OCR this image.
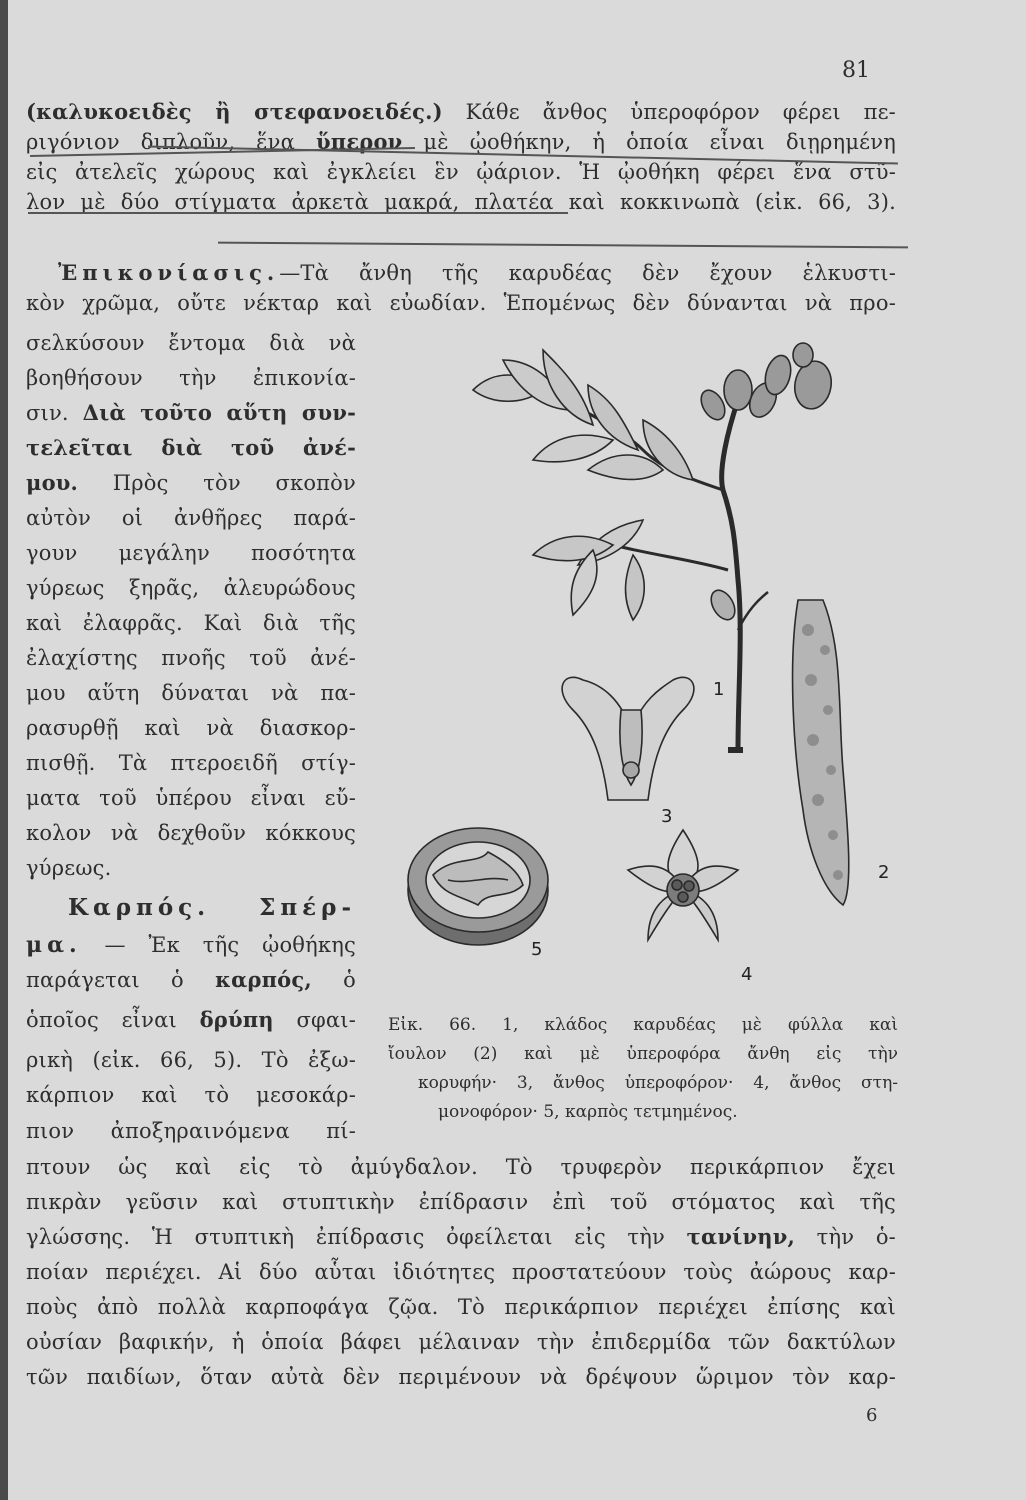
81
(καλυκοειδὲς ἢ στεφανοειδές.) Κάθε ἄνθος ὑπεροφόρον φέρει πε-
ριγόνιον διπλοῦν, ἕνα ὕπερον μὲ ᾠοθήκην, ἡ ὁποία εἶναι διῃρημένη
εἰς ἀτελεῖς χώρους καὶ ἐγκλείει ἓν ᾠάριον. Ἡ ᾠοθήκη φέρει ἕνα στῦ-
λον μὲ δύο στίγματα ἀρκετὰ μακρά, πλατέα καὶ κοκκινωπὰ (εἰκ. 66, 3).
Ἐπικονίασις.—Τὰ ἄνθη τῆς καρυδέας δὲν ἔχουν ἑλκυστι-
κὸν χρῶμα, οὔτε νέκταρ καὶ εὐωδίαν. Ἑπομένως δὲν δύνανται νὰ προ-
σελκύσουν ἔντομα διὰ νὰ
βοηθήσουν τὴν ἐπικονία-
σιν. Διὰ τοῦτο αὕτη συν-
τελεῖται διὰ τοῦ ἀνέ-
μου. Πρὸς τὸν σκοπὸν
αὐτὸν οἱ ἀνθῆρες παρά-
γουν μεγάλην ποσότητα
γύρεως ξηρᾶς, ἀλευρώδους
καὶ ἐλαφρᾶς. Καὶ διὰ τῆς
ἐλαχίστης πνοῆς τοῦ ἀνέ-
μου αὕτη δύναται νὰ πα-
ρασυρθῇ καὶ νὰ διασκορ-
πισθῇ. Τὰ πτεροειδῆ στίγ-
ματα τοῦ ὑπέρου εἶναι εὔ-
κολον νὰ δεχθοῦν κόκκους
γύρεως.
Καρπός. Σπέρ-
μα. — Ἐκ τῆς ᾠοθήκης
παράγεται ὁ καρπός, ὁ
ὁποῖος εἶναι δρύπη σφαι-
ρικὴ (εἰκ. 66, 5). Τὸ ἐξω-
κάρπιον καὶ τὸ μεσοκάρ-
πιον ἀποξηραινόμενα πί-
Εἰκ. 66. 1, κλάδος καρυδέας μὲ φύλλα καὶ
ἴουλον (2) καὶ μὲ ὑπεροφόρα ἄνθη εἰς τὴν
κορυφήν· 3, ἄνθος ὑπεροφόρον· 4, ἄνθος στη-
μονοφόρον· 5, καρπὸς τετμημένος.
πτουν ὡς καὶ εἰς τὸ ἀμύγδαλον. Τὸ τρυφερὸν περικάρπιον ἔχει
πικρὰν γεῦσιν καὶ στυπτικὴν ἐπίδρασιν ἐπὶ τοῦ στόματος καὶ τῆς
γλώσσης. Ἡ στυπτικὴ ἐπίδρασις ὀφείλεται εἰς τὴν τανίνην, τὴν ὁ-
ποίαν περιέχει. Αἱ δύο αὗται ἰδιότητες προστατεύουν τοὺς ἀώρους καρ-
ποὺς ἀπὸ πολλὰ καρποφάγα ζῷα. Τὸ περικάρπιον περιέχει ἐπίσης καὶ
οὐσίαν βαφικήν, ἡ ὁποία βάφει μέλαιναν τὴν ἐπιδερμίδα τῶν δακτύλων
τῶν παιδίων, ὅταν αὐτὰ δὲν περιμένουν νὰ δρέψουν ὥριμον τὸν καρ-
6
1
2
3
4
5
